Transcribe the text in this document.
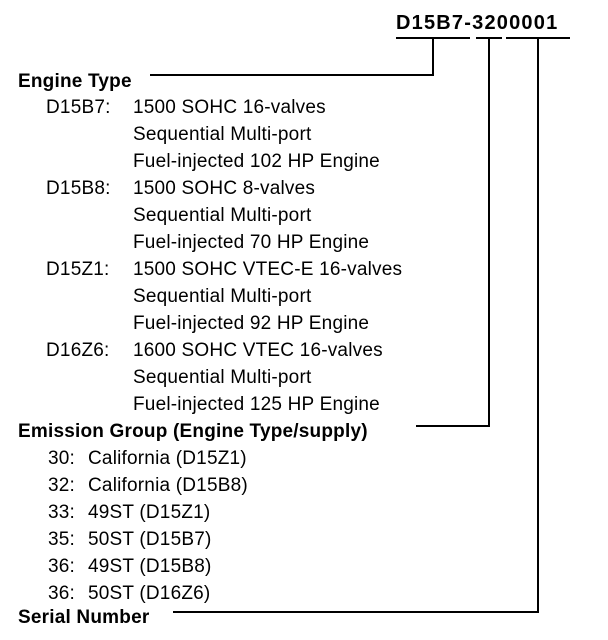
D15B7-3200001
Engine Type
D15B7: 1500 SOHC 16-valves
Sequential Multi-port
Fuel-injected 102 HP Engine
D15B8: 1500 SOHC 8-valves
Sequential Multi-port
Fuel-injected 70 HP Engine
D15Z1: 1500 SOHC VTEC-E 16-valves
Sequential Multi-port
Fuel-injected 92 HP Engine
D16Z6: 1600 SOHC VTEC 16-valves
Sequential Multi-port
Fuel-injected 125 HP Engine
Emission Group (Engine Type/supply)
30: California (D15Z1)
32: California (D15B8)
33: 49ST (D15Z1)
35: 50ST (D15B7)
36: 49ST (D15B8)
36: 50ST (D16Z6)
Serial Number
